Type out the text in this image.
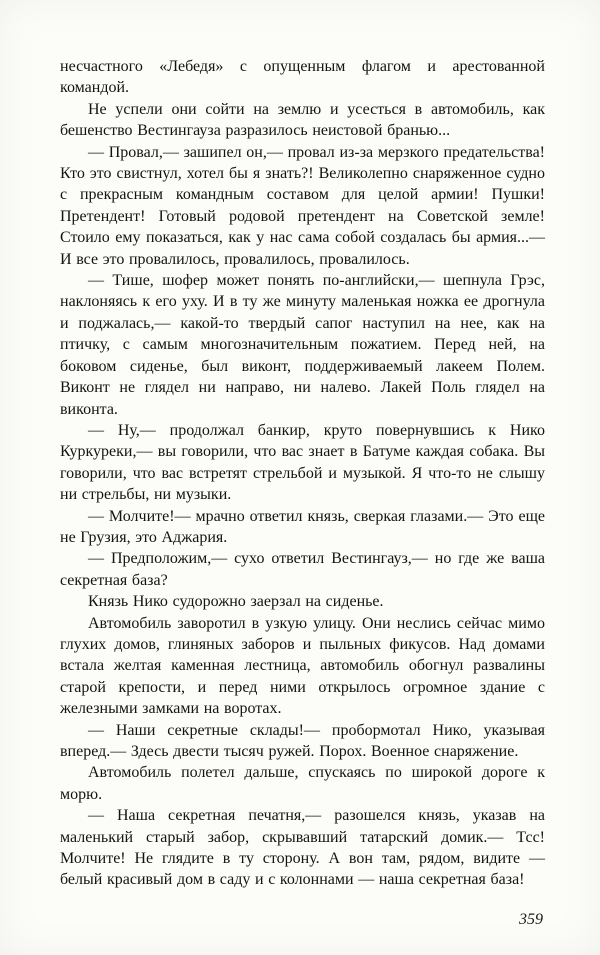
несчастного «Лебедя» с опущенным флагом и арестованной командой.

Не успели они сойти на землю и усесться в автомобиль, как бешенство Вестингауза разразилось неистовой бранью...

— Провал,— зашипел он,— провал из-за мерзкого предательства! Кто это свистнул, хотел бы я знать?! Великолепно снаряженное судно с прекрасным командным составом для целой армии! Пушки! Претендент! Готовый родовой претендент на Советской земле! Стоило ему показаться, как у нас сама собой создалась бы армия...— И все это провалилось, провалилось, провалилось.

— Тише, шофер может понять по-английски,— шепнула Грэс, наклоняясь к его уху. И в ту же минуту маленькая ножка ее дрогнула и поджалась,— какой-то твердый сапог наступил на нее, как на птичку, с самым многозначительным пожатием. Перед ней, на боковом сиденье, был виконт, поддерживаемый лакеем Полем. Виконт не глядел ни направо, ни налево. Лакей Поль глядел на виконта.

— Ну,— продолжал банкир, круто повернувшись к Нико Куркуреки,— вы говорили, что вас знает в Батуме каждая собака. Вы говорили, что вас встретят стрельбой и музыкой. Я что-то не слышу ни стрельбы, ни музыки.

— Молчите!— мрачно ответил князь, сверкая глазами.— Это еще не Грузия, это Аджария.

— Предположим,— сухо ответил Вестингауз,— но где же ваша секретная база?

Князь Нико судорожно заерзал на сиденье.

Автомобиль заворотил в узкую улицу. Они неслись сейчас мимо глухих домов, глиняных заборов и пыльных фикусов. Над домами встала желтая каменная лестница, автомобиль обогнул развалины старой крепости, и перед ними открылось огромное здание с железными замками на воротах.

— Наши секретные склады!— пробормотал Нико, указывая вперед.— Здесь двести тысяч ружей. Порох. Военное снаряжение.

Автомобиль полетел дальше, спускаясь по широкой дороге к морю.

— Наша секретная печатня,— разошелся князь, указав на маленький старый забор, скрывавший татарский домик.— Тсс! Молчите! Не глядите в ту сторону. А вон там, рядом, видите — белый красивый дом в саду и с колоннами — наша секретная база!

359
